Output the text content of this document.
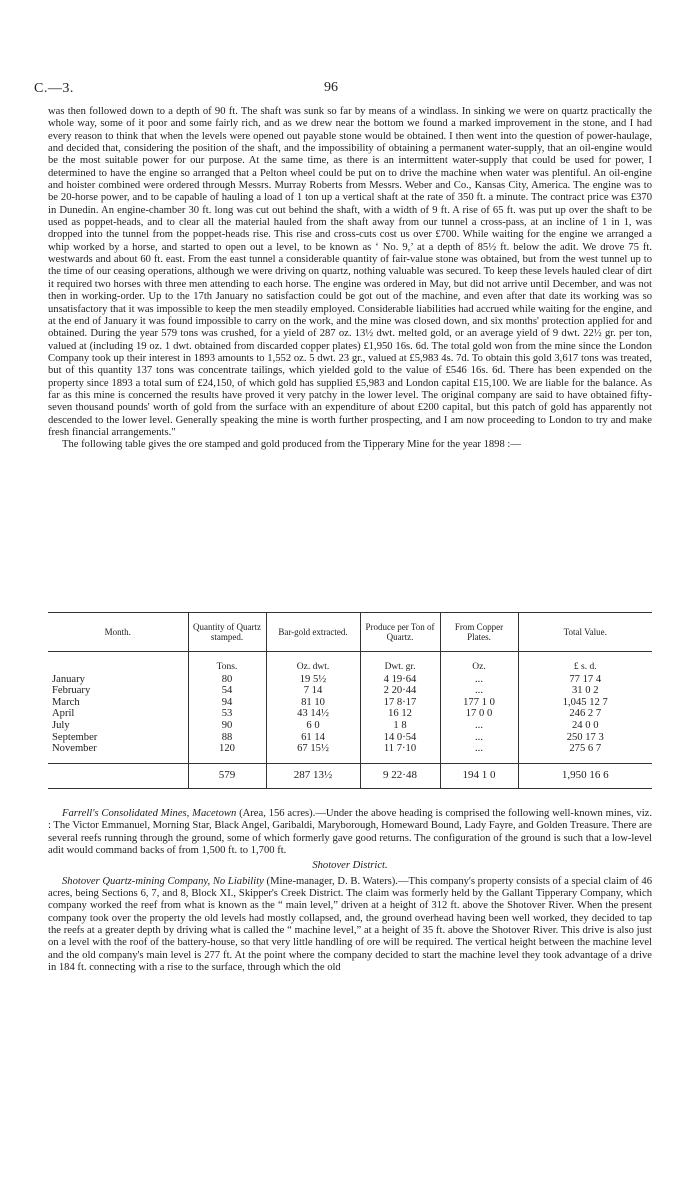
C.—3.	96

was then followed down to a depth of 90 ft. The shaft was sunk so far by means of a windlass. In sinking we were on quartz practically the whole way, some of it poor and some fairly rich, and as we drew near the bottom we found a marked improvement in the stone, and I had every reason to think that when the levels were opened out payable stone would be obtained. I then went into the question of power-haulage, and decided that, considering the position of the shaft, and the impossibility of obtaining a permanent water-supply, that an oil-engine would be the most suitable power for our purpose. At the same time, as there is an intermittent water-supply that could be used for power, I determined to have the engine so arranged that a Pelton wheel could be put on to drive the machine when water was plentiful. An oil-engine and hoister combined were ordered through Messrs. Murray Roberts from Messrs. Weber and Co., Kansas City, America. The engine was to be 20-horse power, and to be capable of hauling a load of 1 ton up a vertical shaft at the rate of 350 ft. a minute. The contract price was £370 in Dunedin. An engine-chamber 30 ft. long was cut out behind the shaft, with a width of 9 ft. A rise of 65 ft. was put up over the shaft to be used as poppet-heads, and to clear all the material hauled from the shaft away from our tunnel a cross-pass, at an incline of 1 in 1, was dropped into the tunnel from the poppet-heads rise. This rise and cross-cuts cost us over £700. While waiting for the engine we arranged a whip worked by a horse, and started to open out a level, to be known as ‘ No. 9,’ at a depth of 85½ ft. below the adit. We drove 75 ft. westwards and about 60 ft. east. From the east tunnel a considerable quantity of fair-value stone was obtained, but from the west tunnel up to the time of our ceasing operations, although we were driving on quartz, nothing valuable was secured. To keep these levels hauled clear of dirt it required two horses with three men attending to each horse. The engine was ordered in May, but did not arrive until December, and was not then in working-order. Up to the 17th January no satisfaction could be got out of the machine, and even after that date its working was so unsatisfactory that it was impossible to keep the men steadily employed. Considerable liabilities had accrued while waiting for the engine, and at the end of January it was found impossible to carry on the work, and the mine was closed down, and six months' protection applied for and obtained. During the year 579 tons was crushed, for a yield of 287 oz. 13½ dwt. melted gold, or an average yield of 9 dwt. 22½ gr. per ton, valued at (including 19 oz. 1 dwt. obtained from discarded copper plates) £1,950 16s. 6d. The total gold won from the mine since the London Company took up their interest in 1893 amounts to 1,552 oz. 5 dwt. 23 gr., valued at £5,983 4s. 7d. To obtain this gold 3,617 tons was treated, but of this quantity 137 tons was concentrate tailings, which yielded gold to the value of £546 16s. 6d. There has been expended on the property since 1893 a total sum of £24,150, of which gold has supplied £5,983 and London capital £15,100. We are liable for the balance. As far as this mine is concerned the results have proved it very patchy in the lower level. The original company are said to have obtained fifty-seven thousand pounds' worth of gold from the surface with an expenditure of about £200 capital, but this patch of gold has apparently not descended to the lower level. Generally speaking the mine is worth further prospecting, and I am now proceeding to London to try and make fresh financial arrangements."

The following table gives the ore stamped and gold produced from the Tipperary Mine for the year 1898 :—

Month.	Quantity of Quartz stamped.	Bar-gold extracted.	Produce per Ton of Quartz.	From Copper Plates.	Total Value.
	Tons.	Oz. dwt.	Dwt. gr.	Oz.	£ s. d.
January	80	19 5½	4 19·64	...	77 17 4
February	54	7 14	2 20·44	...	31 0 2
March	94	81 10	17 8·17	177 1 0	1,045 12 7
April	53	43 14½	16 12	17 0 0	246 2 7
July	90	6 0	1 8	...	24 0 0
September	88	61 14	14 0·54	...	250 17 3
November	120	67 15½	11 7·10	...	275 6 7
	579	287 13½	9 22·48	194 1 0	1,950 16 6

Farrell's Consolidated Mines, Macetown (Area, 156 acres).—Under the above heading is comprised the following well-known mines, viz. : The Victor Emmanuel, Morning Star, Black Angel, Garibaldi, Maryborough, Homeward Bound, Lady Fayre, and Golden Treasure. There are several reefs running through the ground, some of which formerly gave good returns. The configuration of the ground is such that a low-level adit would command backs of from 1,500 ft. to 1,700 ft.

Shotover District.

Shotover Quartz-mining Company, No Liability (Mine-manager, D. B. Waters).—This company's property consists of a special claim of 46 acres, being Sections 6, 7, and 8, Block XI., Skipper's Creek District. The claim was formerly held by the Gallant Tipperary Company, which company worked the reef from what is known as the “ main level,” driven at a height of 312 ft. above the Shotover River. When the present company took over the property the old levels had mostly collapsed, and, the ground overhead having been well worked, they decided to tap the reefs at a greater depth by driving what is called the “ machine level,” at a height of 35 ft. above the Shotover River. This drive is also just on a level with the roof of the battery-house, so that very little handling of ore will be required. The vertical height between the machine level and the old company's main level is 277 ft. At the point where the company decided to start the machine level they took advantage of a drive in 184 ft. connecting with a rise to the surface, through which the old
